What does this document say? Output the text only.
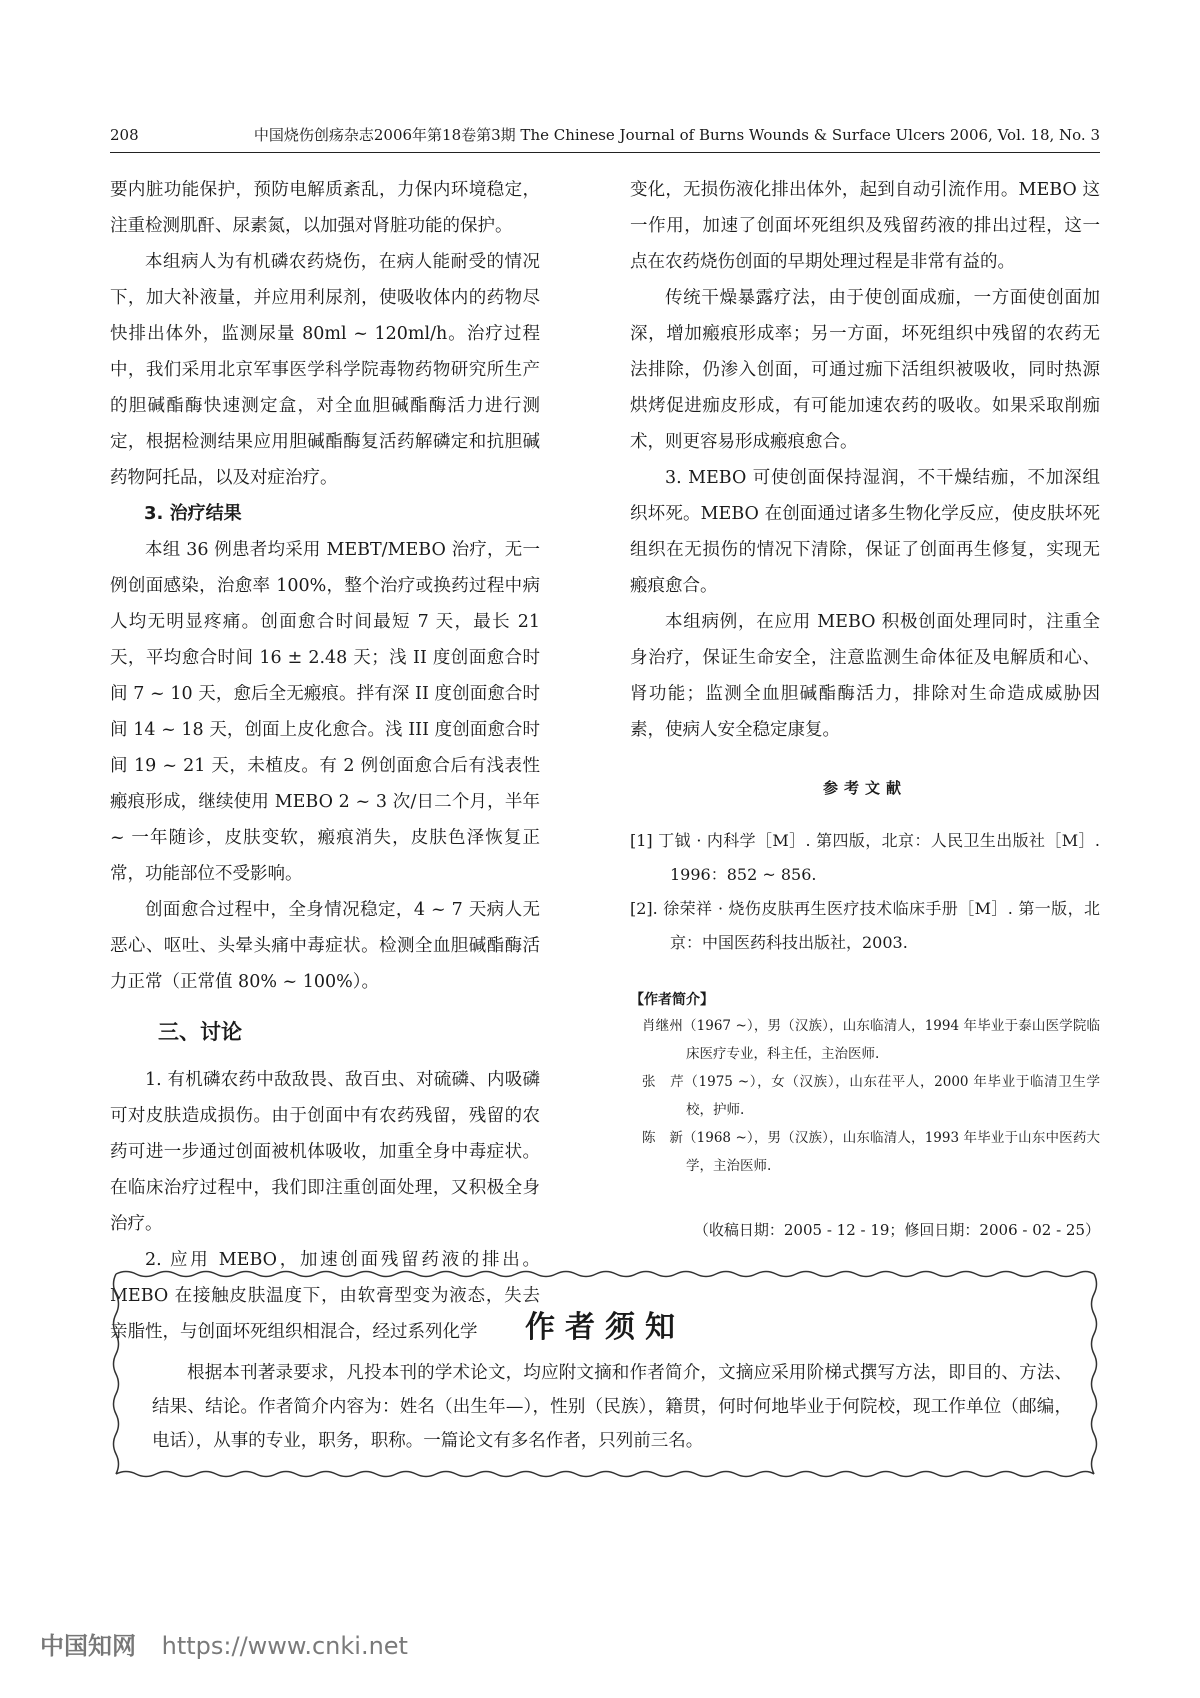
208	中国烧伤创疡杂志2006年第18卷第3期 The Chinese Journal of Burns Wounds & Surface Ulcers 2006, Vol. 18, No. 3

要内脏功能保护，预防电解质紊乱，力保内环境稳定，注重检测肌酐、尿素氮，以加强对肾脏功能的保护。

本组病人为有机磷农药烧伤，在病人能耐受的情况下，加大补液量，并应用利尿剂，使吸收体内的药物尽快排出体外，监测尿量 80ml ~ 120ml/h。治疗过程中，我们采用北京军事医学科学院毒物药物研究所生产的胆碱酯酶快速测定盒，对全血胆碱酯酶活力进行测定，根据检测结果应用胆碱酯酶复活药解磷定和抗胆碱药物阿托品，以及对症治疗。

3. 治疗结果

本组 36 例患者均采用 MEBT/MEBO 治疗，无一例创面感染，治愈率 100%，整个治疗或换药过程中病人均无明显疼痛。创面愈合时间最短 7 天，最长 21 天，平均愈合时间 16 ± 2.48 天；浅 II 度创面愈合时间 7 ~ 10 天，愈后全无瘢痕。拌有深 II 度创面愈合时间 14 ~ 18 天，创面上皮化愈合。浅 III 度创面愈合时间 19 ~ 21 天，未植皮。有 2 例创面愈合后有浅表性瘢痕形成，继续使用 MEBO 2 ~ 3 次/日二个月，半年 ~ 一年随诊，皮肤变软，瘢痕消失，皮肤色泽恢复正常，功能部位不受影响。

创面愈合过程中，全身情况稳定，4 ~ 7 天病人无恶心、呕吐、头晕头痛中毒症状。检测全血胆碱酯酶活力正常（正常值 80% ~ 100%）。

三、讨论

1. 有机磷农药中敌敌畏、敌百虫、对硫磷、内吸磷可对皮肤造成损伤。由于创面中有农药残留，残留的农药可进一步通过创面被机体吸收，加重全身中毒症状。在临床治疗过程中，我们即注重创面处理，又积极全身治疗。

2. 应用 MEBO，加速创面残留药液的排出。MEBO 在接触皮肤温度下，由软膏型变为液态，失去亲脂性，与创面坏死组织相混合，经过系列化学

变化，无损伤液化排出体外，起到自动引流作用。MEBO 这一作用，加速了创面坏死组织及残留药液的排出过程，这一点在农药烧伤创面的早期处理过程是非常有益的。

传统干燥暴露疗法，由于使创面成痂，一方面使创面加深，增加瘢痕形成率；另一方面，坏死组织中残留的农药无法排除，仍渗入创面，可通过痂下活组织被吸收，同时热源烘烤促进痂皮形成，有可能加速农药的吸收。如果采取削痂术，则更容易形成瘢痕愈合。

3. MEBO 可使创面保持湿润，不干燥结痂，不加深组织坏死。MEBO 在创面通过诸多生物化学反应，使皮肤坏死组织在无损伤的情况下清除，保证了创面再生修复，实现无瘢痕愈合。

本组病例，在应用 MEBO 积极创面处理同时，注重全身治疗，保证生命安全，注意监测生命体征及电解质和心、肾功能；监测全血胆碱酯酶活力，排除对生命造成威胁因素，使病人安全稳定康复。

参考文献

[1] 丁钺 · 内科学［M］. 第四版，北京：人民卫生出版社［M］. 1996：852 ~ 856.

[2]. 徐荣祥 · 烧伤皮肤再生医疗技术临床手册［M］. 第一版，北京：中国医药科技出版社，2003.

【作者简介】

肖继州（1967 ~），男（汉族），山东临清人，1994 年毕业于泰山医学院临床医疗专业，科主任，主治医师.

张　芹（1975 ~），女（汉族），山东茌平人，2000 年毕业于临清卫生学校，护师.

陈　新（1968 ~），男（汉族），山东临清人，1993 年毕业于山东中医药大学，主治医师.

（收稿日期：2005 - 12 - 19；修回日期：2006 - 02 - 25）
作者须知
根据本刊著录要求，凡投本刊的学术论文，均应附文摘和作者简介，文摘应采用阶梯式撰写方法，即目的、方法、结果、结论。作者简介内容为：姓名（出生年—），性别（民族），籍贯，何时何地毕业于何院校，现工作单位（邮编，电话），从事的专业，职务，职称。一篇论文有多名作者，只列前三名。
中国知网 https://www.cnki.net
